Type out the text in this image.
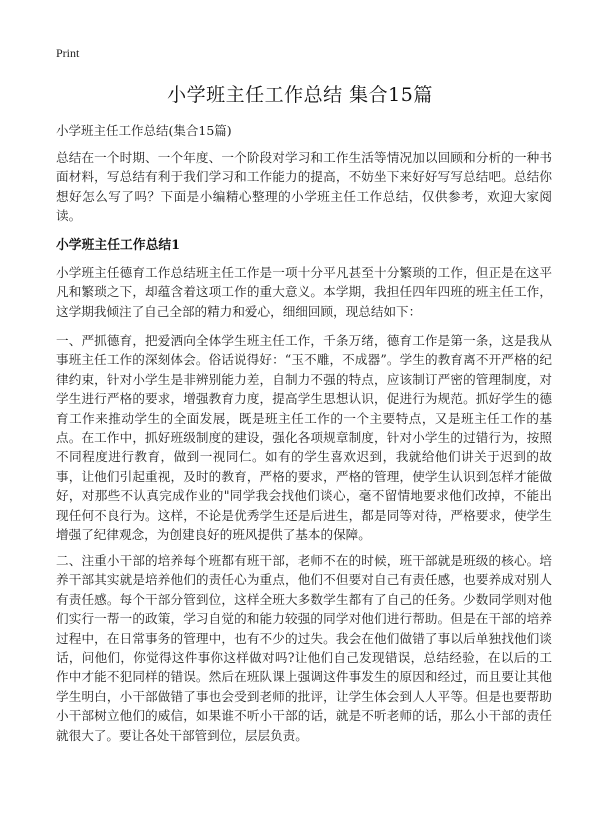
Print
小学班主任工作总结 集合15篇
小学班主任工作总结(集合15篇)

总结在一个时期、一个年度、一个阶段对学习和工作生活等情况加以回顾和分析的一种书面材料，写总结有利于我们学习和工作能力的提高，不妨坐下来好好写写总结吧。总结你想好怎么写了吗？下面是小编精心整理的小学班主任工作总结，仅供参考，欢迎大家阅读。

小学班主任工作总结1

小学班主任德育工作总结班主任工作是一项十分平凡甚至十分繁琐的工作，但正是在这平凡和繁琐之下，却蕴含着这项工作的重大意义。本学期，我担任四年四班的班主任工作，这学期我倾注了自己全部的精力和爱心，细细回顾，现总结如下：

一、严抓德育，把爱洒向全体学生班主任工作，千条万绪，德育工作是第一条，这是我从事班主任工作的深刻体会。俗话说得好：“玉不雕，不成器”。学生的教育离不开严格的纪律约束，针对小学生是非辨别能力差，自制力不强的特点，应该制订严密的管理制度，对学生进行严格的要求，增强教育力度，提高学生思想认识，促进行为规范。抓好学生的德育工作来推动学生的全面发展，既是班主任工作的一个主要特点，又是班主任工作的基点。在工作中，抓好班级制度的建设，强化各项规章制度，针对小学生的过错行为，按照不同程度进行教育，做到一视同仁。如有的学生喜欢迟到，我就给他们讲关于迟到的故事，让他们引起重视，及时的教育，严格的要求，严格的管理，使学生认识到怎样才能做好，对那些不认真完成作业的"同学我会找他们谈心，毫不留情地要求他们改掉，不能出现任何不良行为。这样，不论是优秀学生还是后进生，都是同等对待，严格要求，使学生增强了纪律观念，为创建良好的班风提供了基本的保障。

二、注重小干部的培养每个班都有班干部，老师不在的时候，班干部就是班级的核心。培养干部其实就是培养他们的责任心为重点，他们不但要对自己有责任感，也要养成对别人有责任感。每个干部分管到位，这样全班大多数学生都有了自己的任务。少数同学则对他们实行一帮一的政策，学习自觉的和能力较强的同学对他们进行帮助。但是在干部的培养过程中，在日常事务的管理中，也有不少的过失。我会在他们做错了事以后单独找他们谈话，问他们，你觉得这件事你这样做对吗?让他们自己发现错误，总结经验，在以后的工作中才能不犯同样的错误。然后在班队课上强调这件事发生的原因和经过，而且要让其他学生明白，小干部做错了事也会受到老师的批评，让学生体会到人人平等。但是也要帮助小干部树立他们的威信，如果谁不听小干部的话，就是不听老师的话，那么小干部的责任就很大了。要让各处干部管到位，层层负责。
